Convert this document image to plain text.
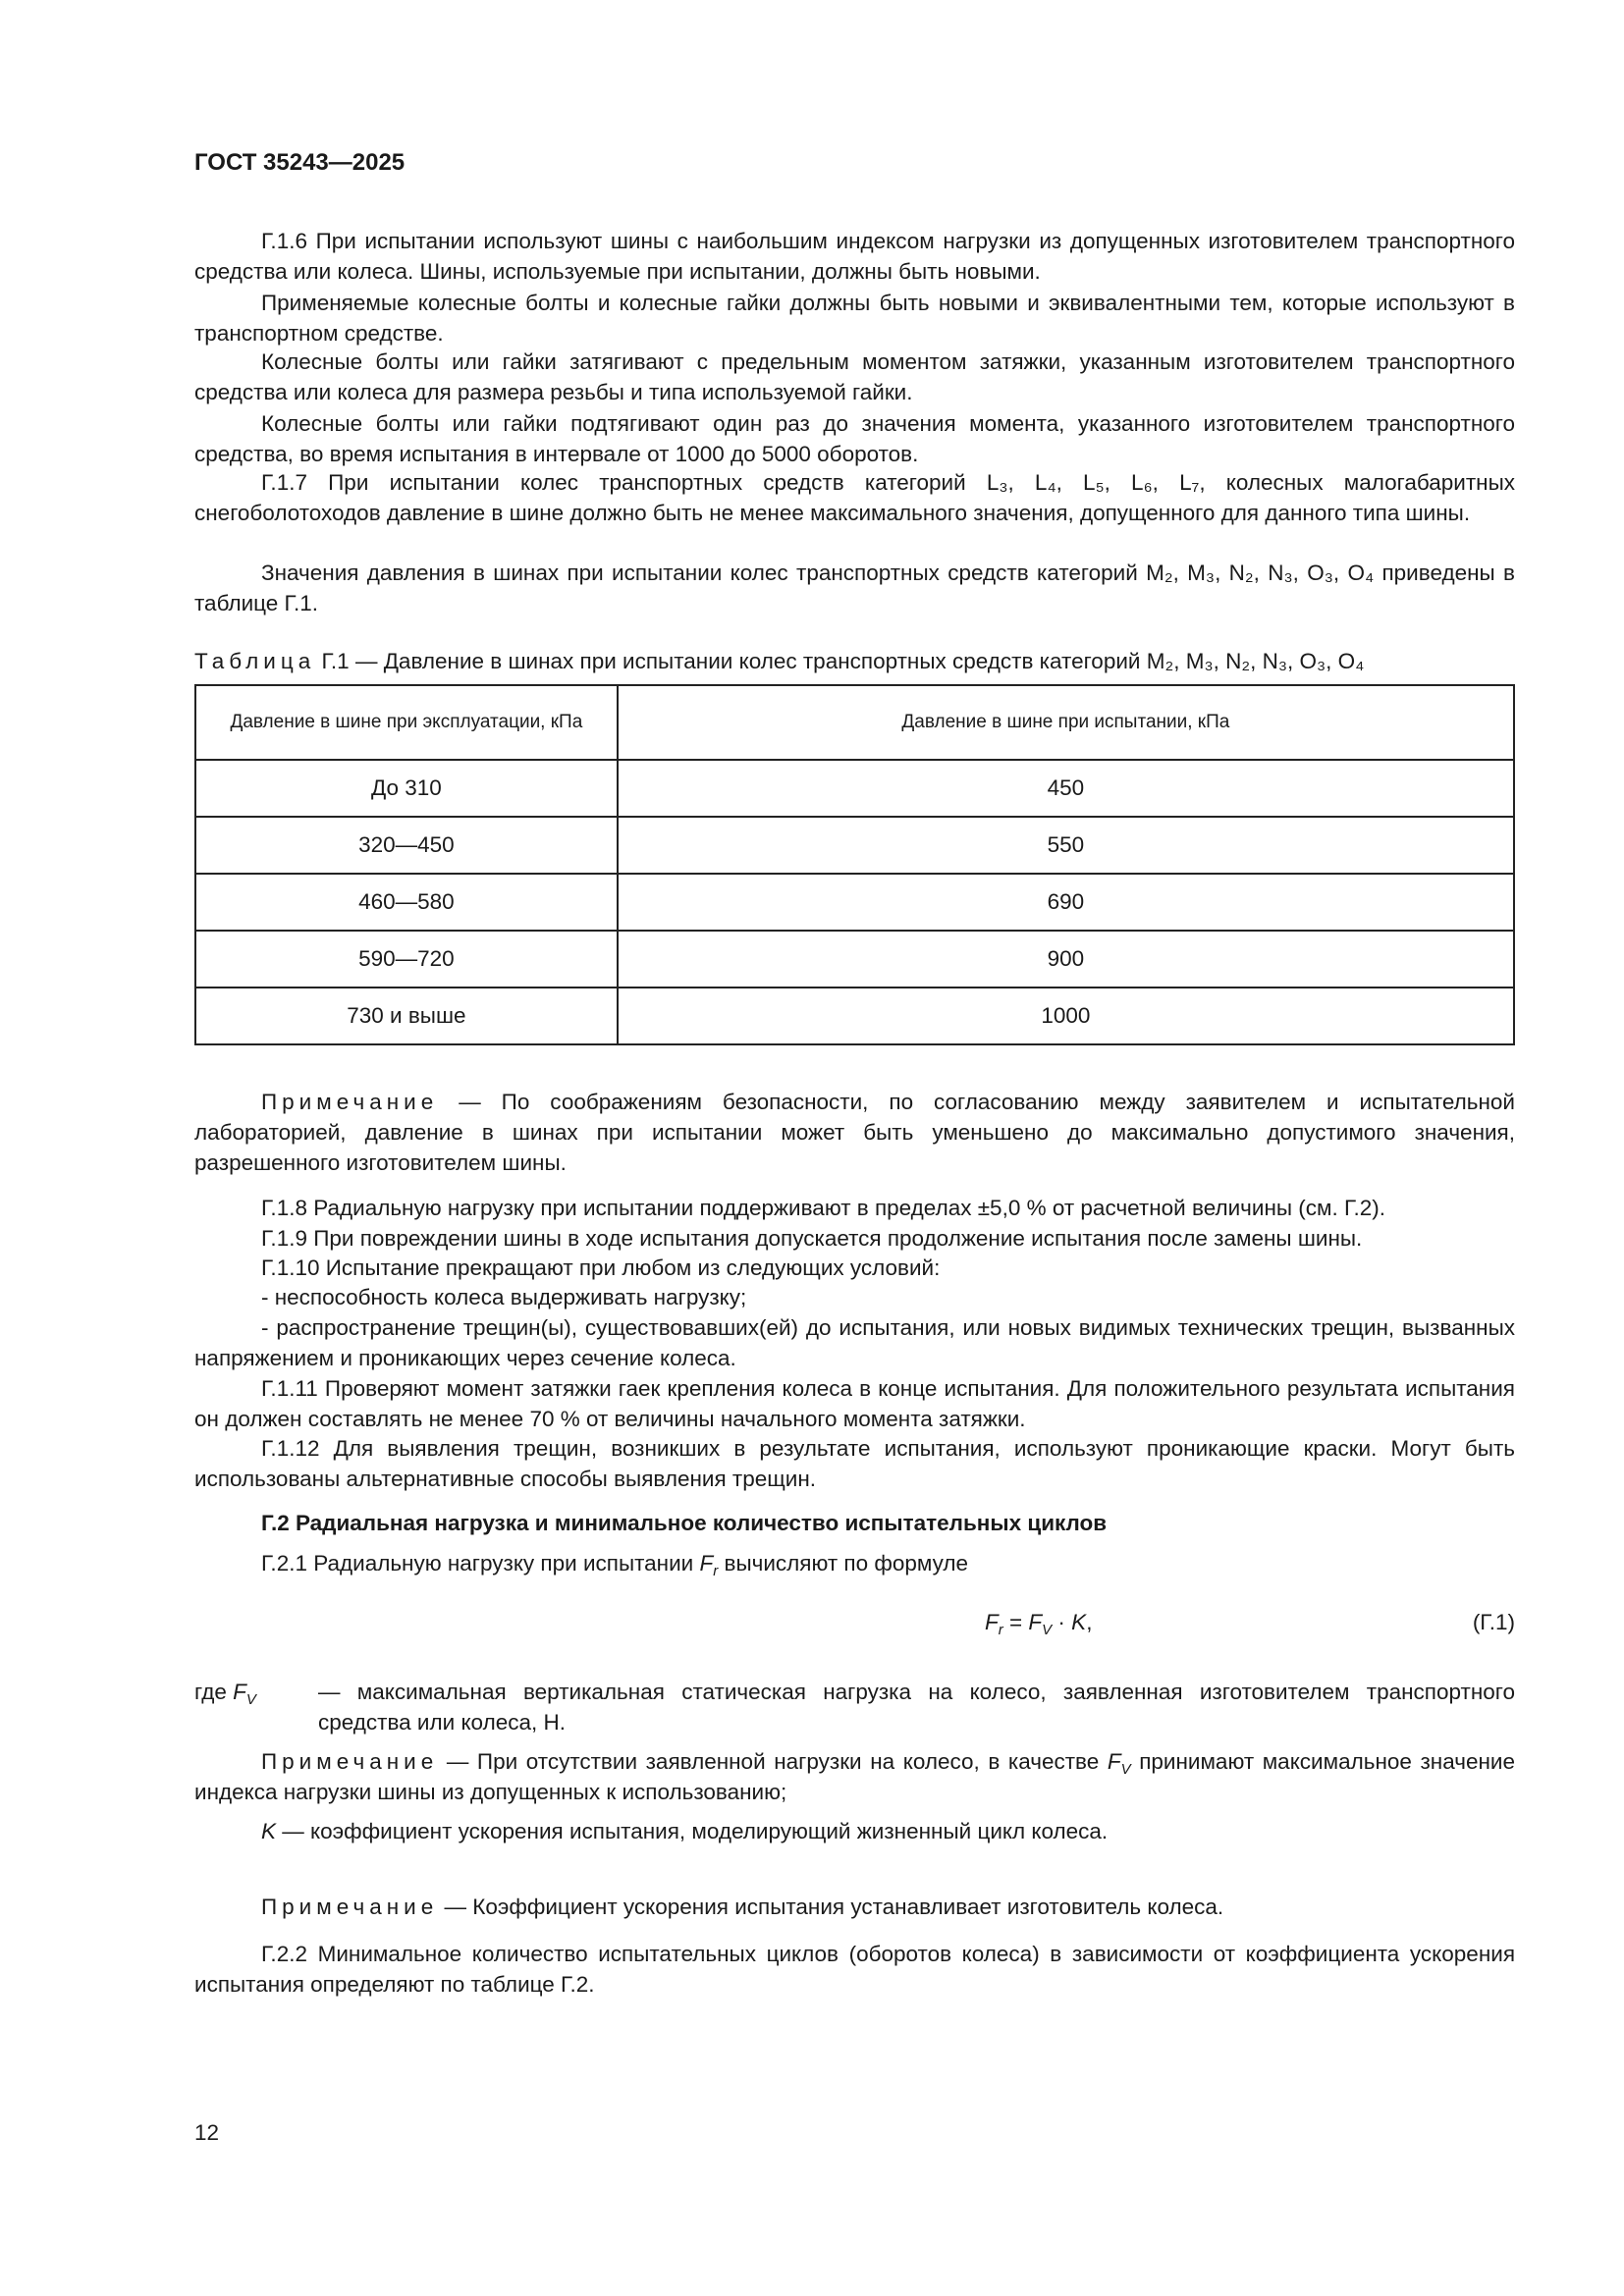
ГОСТ 35243—2025

Г.1.6 При испытании используют шины с наибольшим индексом нагрузки из допущенных изготовителем транспортного средства или колеса. Шины, используемые при испытании, должны быть новыми.

Применяемые колесные болты и колесные гайки должны быть новыми и эквивалентными тем, которые используют в транспортном средстве.

Колесные болты или гайки затягивают с предельным моментом затяжки, указанным изготовителем транспортного средства или колеса для размера резьбы и типа используемой гайки.

Колесные болты или гайки подтягивают один раз до значения момента, указанного изготовителем транспортного средства, во время испытания в интервале от 1000 до 5000 оборотов.

Г.1.7 При испытании колес транспортных средств категорий L₃, L₄, L₅, L₆, L₇, колесных малогабаритных снегоболотоходов давление в шине должно быть не менее максимального значения, допущенного для данного типа шины.

Значения давления в шинах при испытании колес транспортных средств категорий M₂, M₃, N₂, N₃, O₃, O₄ приведены в таблице Г.1.

Таблица Г.1 — Давление в шинах при испытании колес транспортных средств категорий M₂, M₃, N₂, N₃, O₃, O₄

Давление в шине при эксплуатации, кПа	Давление в шине при испытании, кПа
До 310	450
320—450	550
460—580	690
590—720	900
730 и выше	1000

Примечание — По соображениям безопасности, по согласованию между заявителем и испытательной лабораторией, давление в шинах при испытании может быть уменьшено до максимально допустимого значения, разрешенного изготовителем шины.

Г.1.8 Радиальную нагрузку при испытании поддерживают в пределах ±5,0 % от расчетной величины (см. Г.2).

Г.1.9 При повреждении шины в ходе испытания допускается продолжение испытания после замены шины.

Г.1.10 Испытание прекращают при любом из следующих условий:

- неспособность колеса выдерживать нагрузку;

- распространение трещин(ы), существовавших(ей) до испытания, или новых видимых технических трещин, вызванных напряжением и проникающих через сечение колеса.

Г.1.11 Проверяют момент затяжки гаек крепления колеса в конце испытания. Для положительного результата испытания он должен составлять не менее 70 % от величины начального момента затяжки.

Г.1.12 Для выявления трещин, возникших в результате испытания, используют проникающие краски. Могут быть использованы альтернативные способы выявления трещин.

Г.2 Радиальная нагрузка и минимальное количество испытательных циклов

Г.2.1 Радиальную нагрузку при испытании $F_r$ вычисляют по формуле

$F_r = F_V \cdot K$,	(Г.1)
где $F_V$	— максимальная вертикальная статическая нагрузка на колесо, заявленная изготовителем транспортного средства или колеса, Н.

Примечание — При отсутствии заявленной нагрузки на колесо, в качестве $F_V$ принимают максимальное значение индекса нагрузки шины из допущенных к использованию;

K — коэффициент ускорения испытания, моделирующий жизненный цикл колеса.

Примечание — Коэффициент ускорения испытания устанавливает изготовитель колеса.

Г.2.2 Минимальное количество испытательных циклов (оборотов колеса) в зависимости от коэффициента ускорения испытания определяют по таблице Г.2.

12
